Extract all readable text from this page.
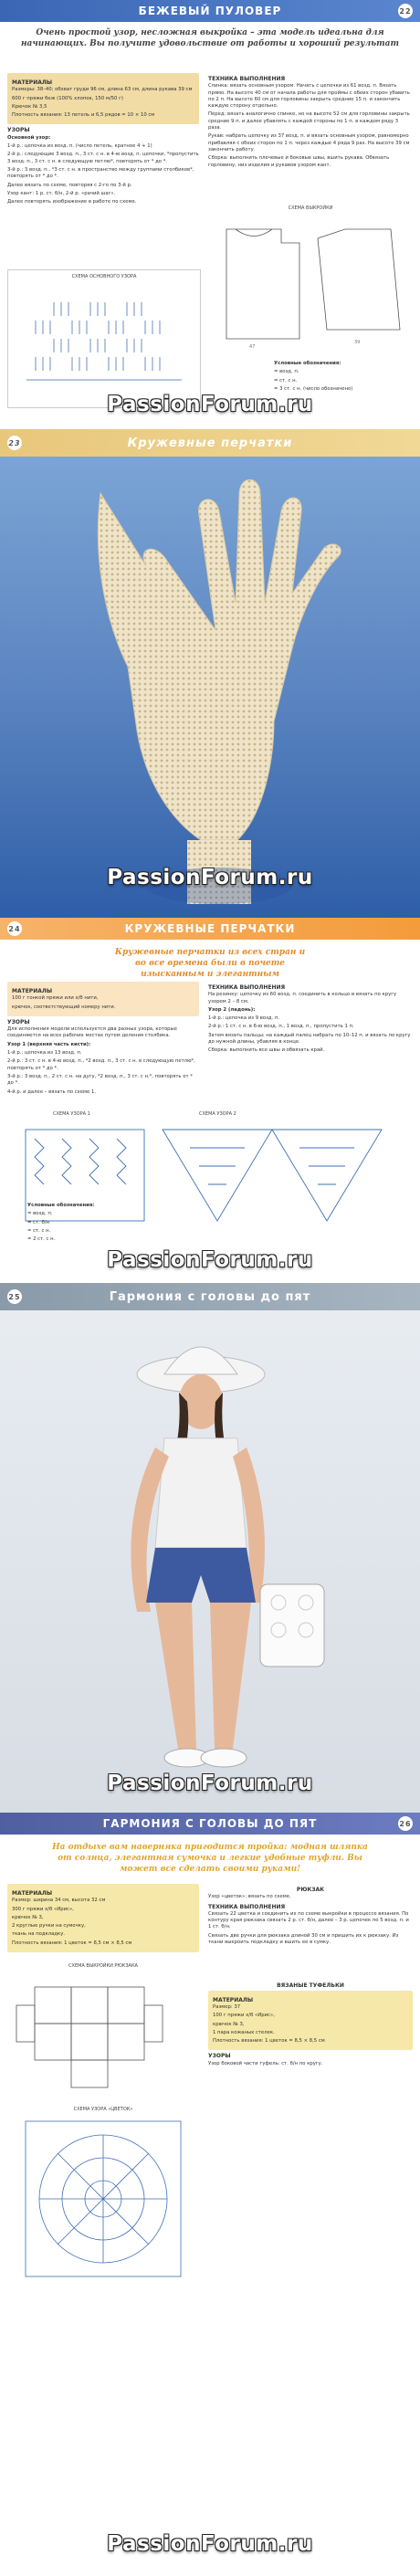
БЕЖЕВЫЙ ПУЛОВЕР	22
Очень простой узор, несложная выкройка – эта модель идеальна для начинающих. Вы получите удовольствие от работы и хороший результат
МАТЕРИАЛЫ

Размеры: 38–40; обхват груди 96 см, длина 63 см, длина рукава 39 см

600 г пряжи беж (100% хлопок, 150 м/50 г)

Крючок № 3,5

Плотность вязания: 13 петель и 6,5 рядов = 10 × 10 см

УЗОРЫ

Основной узор:

1-й р.: цепочка из возд. п. (число петель, кратное 4 + 1)

2-й р.: следующие 3 возд. п., 3 ст. с н. в 4-ю возд. п. цепочки, *пропустить 3 возд. п., 3 ст. с н. в следующую петлю*, повторять от * до *.

3-й р.: 3 возд. п., *3 ст. с н. в пространство между группами столбиков*, повторять от * до *.

Далее вязать по схеме, повторяя с 2-го по 3-й р.

Узор кант: 1 р. ст. б/н, 2-й р. «рачий шаг».

Далее повторять изображение в работе по схеме.

СХЕМА ОСНОВНОГО УЗОРА
ТЕХНИКА ВЫПОЛНЕНИЯ

Спинка: вязать основным узором. Начать с цепочки из 61 возд. п. Вязать прямо. На высоте 40 см от начала работы для проймы с обеих сторон убавить по 2 п. На высоте 60 см для горловины закрыть средние 15 п. и закончить каждую сторону отдельно.

Перед: вязать аналогично спинке, но на высоте 52 см для горловины закрыть средние 9 п. и далее убавлять с каждой стороны по 1 п. в каждом ряду 3 раза.

Рукав: набрать цепочку из 37 возд. п. и вязать основным узором, равномерно прибавляя с обеих сторон по 1 п. через каждые 4 ряда 9 раз. На высоте 39 см закончить работу.

Сборка: выполнить плечевые и боковые швы, вшить рукава. Обвязать горловину, низ изделия и рукавов узором кант.

СХЕМА ВЫКРОЙКИ
47
39

Условные обозначения:

= возд. п.

= ст. с н.

= 3 ст. с н. (число обозначено)

PassionForum.ru
Кружевные перчатки
23
PassionForum.ru
КРУЖЕВНЫЕ ПЕРЧАТКИ
24
Кружевные перчатки из всех стран и во все времена были в почете изысканным и элегантным
МАТЕРИАЛЫ

100 г тонкой пряжи или х/б нити,

крючок, соответствующий номеру нити.

УЗОРЫ

Для исполнения модели используется два разных узора, которые соединяются на всех рабочих местах путем деления столбика.

Узор 1 (верхняя часть кисти):

1-й р.: цепочка из 13 возд. п.

2-й р.: 3 ст. с н. в 4-ю возд. п., *2 возд. п., 3 ст. с н. в следующую петлю*, повторять от * до *.

3-й р.: 3 возд. п., 2 ст. с н. на дугу, *2 возд. п., 3 ст. с н.*, повторять от * до *.

4-й р. и далее – вязать по схеме 1.

ТЕХНИКА ВЫПОЛНЕНИЯ

На резинку: цепочку из 60 возд. п. соединить в кольцо и вязать по кругу узором 2 – 8 см.

Узор 2 (ладонь):

1-й р.: цепочка из 9 возд. п.

2-й р.: 1 ст. с н. в 6-ю возд. п., 1 возд. п., пропустить 1 п.

Затем вязать пальцы: на каждый палец набрать по 10–12 п. и вязать по кругу до нужной длины, убавляя в конце.

Сборка: выполнить все швы и обвязать край.

СХЕМА УЗОРА 1	СХЕМА УЗОРА 2

Условные обозначения:

= возд. п.

= ст. б/н

= ст. с н.

= 2 ст. с н.

PassionForum.ru
Гармония с головы до пят
25
PassionForum.ru
ГАРМОНИЯ С ГОЛОВЫ ДО ПЯТ	26
На отдыхе вам наверняка пригодится тройка: модная шляпка от солнца, элегантная сумочка и легкие удобные туфли. Вы может все сделать своими руками!
МАТЕРИАЛЫ

Размер: ширина 34 см, высота 32 см

300 г пряжи х/б «Ирис»,

крючок № 3,

2 круглые ручки на сумочку,

ткань на подкладку.

Плотность вязания: 1 цветок = 8,5 см × 8,5 см

СХЕМА ВЫКРОЙКИ РЮКЗАКА
СХЕМА УЗОРА «ЦВЕТОК»
РЮКЗАК

Узор «цветок»: вязать по схеме.

ТЕХНИКА ВЫПОЛНЕНИЯ

Связать 22 цветка и соединить их по схеме выкройки в процессе вязания. По контуру края рюкзака связать 2 р. ст. б/н, далее – 3 р. цепочек по 5 возд. п. и 1 ст. б/н.

Связать две ручки для рюкзака длиной 30 см и пришить их к рюкзаку. Из ткани выкроить подкладку и вшить ее в сумку.

ВЯЗАНЫЕ ТУФЕЛЬКИ
МАТЕРИАЛЫ

Размер: 37

100 г пряжи х/б «Ирис»,

крючок № 3,

1 пара кожаных стелек.

Плотность вязания: 1 цветок = 8,5 × 8,5 см

УЗОРЫ

Узор боковой части туфель: ст. б/н по кругу.

PassionForum.ru
